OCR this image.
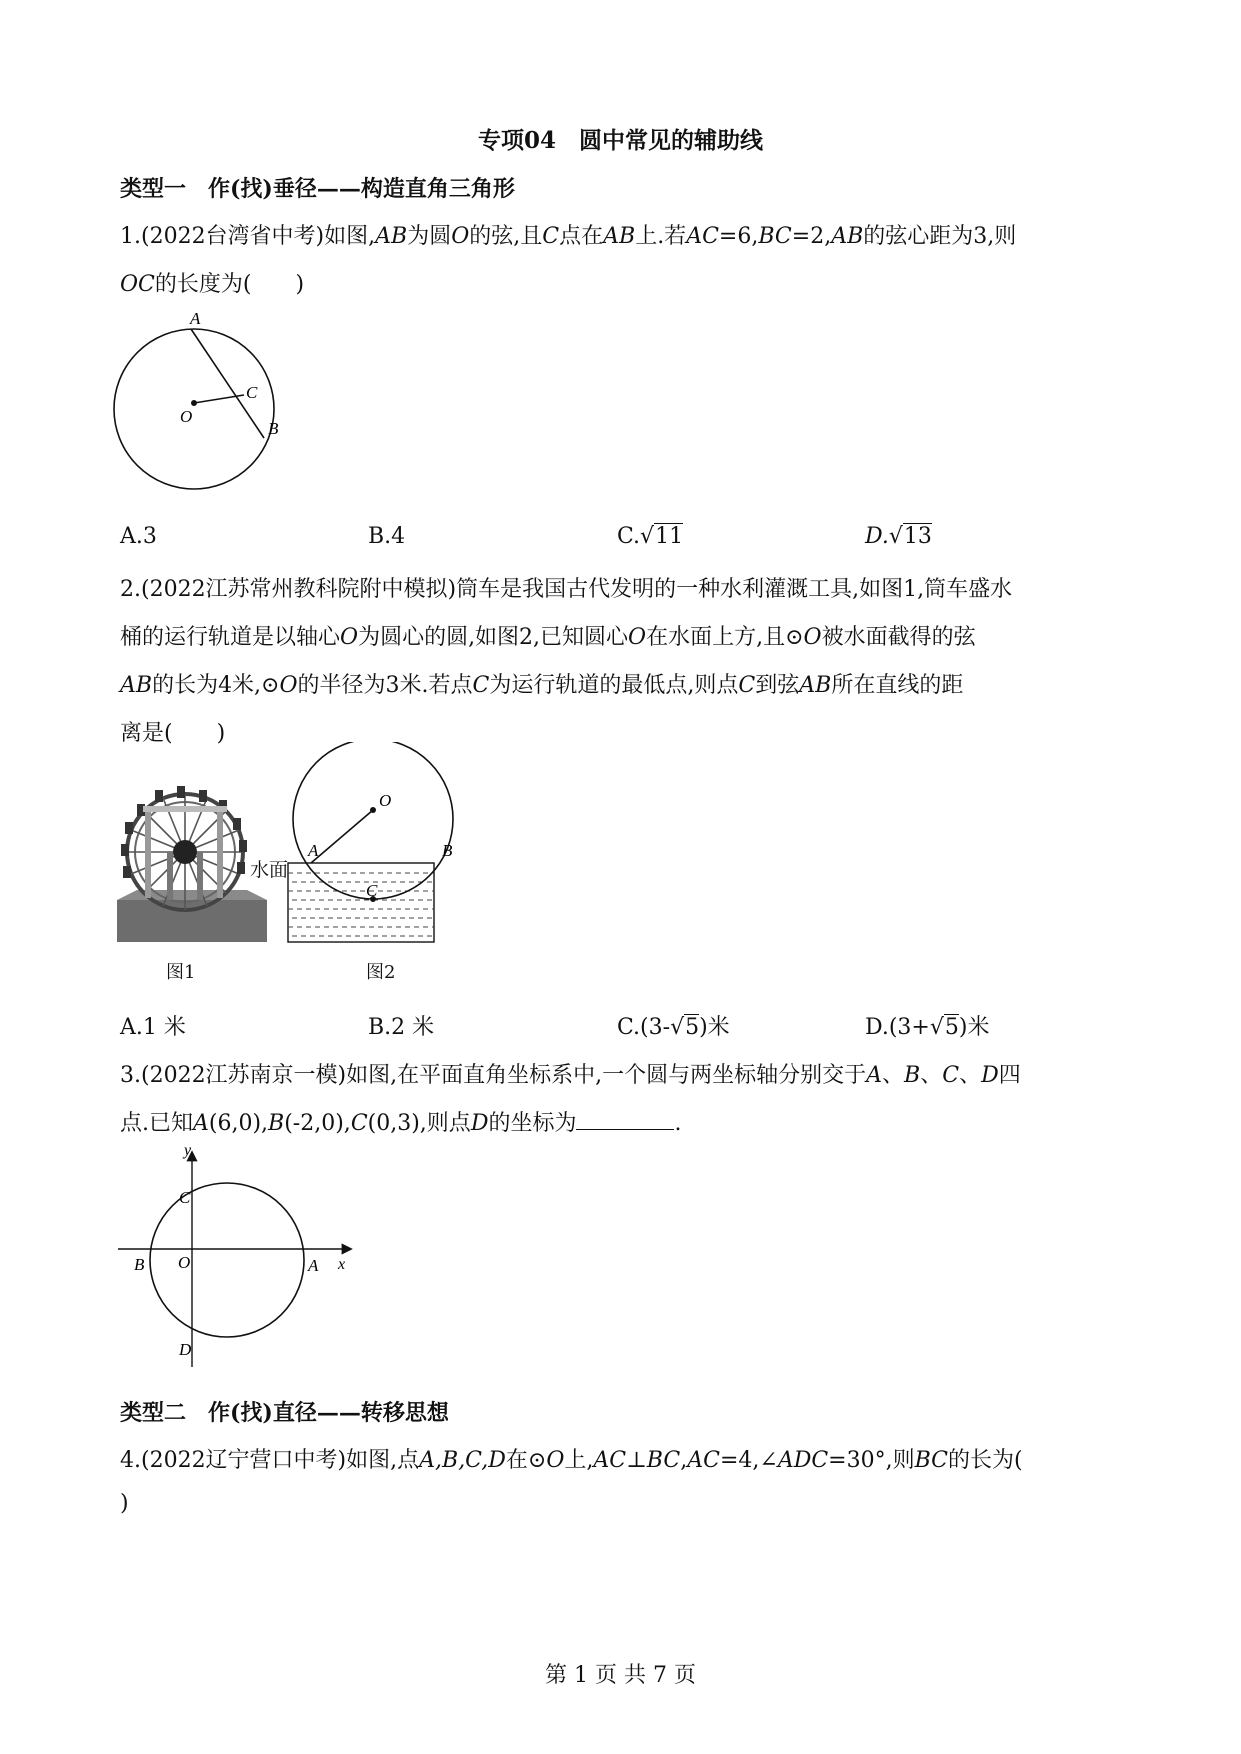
专项04　圆中常见的辅助线
类型一　作(找)垂径——构造直角三角形
1.(2022台湾省中考)如图,AB为圆O的弦,且C点在AB上.若AC=6,BC=2,AB的弦心距为3,则
OC的长度为(　　)
A
C
O
B
A.3	B.4	C.√11	D.√13
2.(2022江苏常州教科院附中模拟)筒车是我国古代发明的一种水利灌溉工具,如图1,筒车盛水
桶的运行轨道是以轴心O为圆心的圆,如图2,已知圆心O在水面上方,且⊙O被水面截得的弦
AB的长为4米,⊙O的半径为3米.若点C为运行轨道的最低点,则点C到弦AB所在直线的距
离是(　　)
图1
O
A	B
C
水面
图2
A.1 米	B.2 米	C.(3-√5)米	D.(3+√5)米
3.(2022江苏南京一模)如图,在平面直角坐标系中,一个圆与两坐标轴分别交于A、B、C、D四
点.已知A(6,0),B(-2,0),C(0,3),则点D的坐标为	.
y
x
C
B O	A
D
类型二　作(找)直径——转移思想
4.(2022辽宁营口中考)如图,点A,B,C,D在⊙O上,AC⊥BC,AC=4,∠ADC=30°,则BC的长为(
)
第 1 页 共 7 页
